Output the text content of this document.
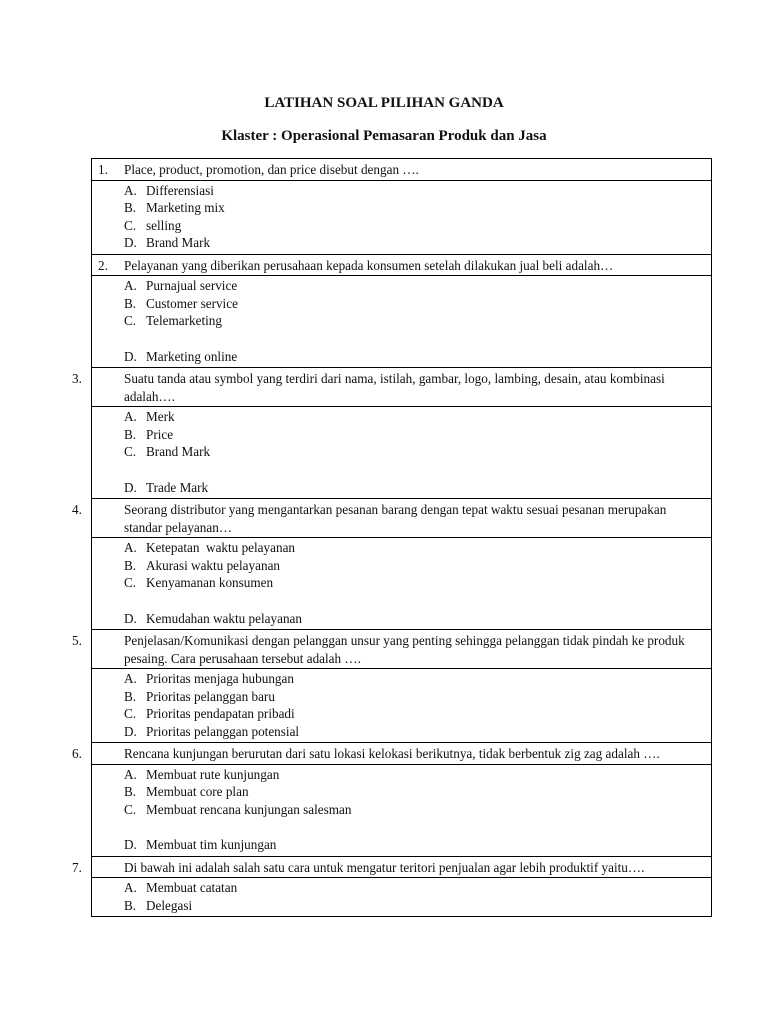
LATIHAN SOAL PILIHAN GANDA
Klaster : Operasional Pemasaran Produk dan Jasa
1. Place, product, promotion, dan price disebut dengan ….

A. Differensiasi
B. Marketing mix
C. selling
D. Brand Mark

2. Pelayanan yang diberikan perusahaan kepada konsumen setelah dilakukan jual beli adalah…

A. Purnajual service
B. Customer service
C. Telemarketing
D. Marketing online

3.	Suatu tanda atau symbol yang terdiri dari nama, istilah, gambar, logo, lambing, desain, atau kombinasi adalah….

A. Merk
B. Price
C. Brand Mark
D. Trade Mark

4.	Seorang distributor yang mengantarkan pesanan barang dengan tepat waktu sesuai pesanan merupakan standar pelayanan…

A. Ketepatan  waktu pelayanan
B. Akurasi waktu pelayanan
C. Kenyamanan konsumen
D. Kemudahan waktu pelayanan

5.	Penjelasan/Komunikasi dengan pelanggan unsur yang penting sehingga pelanggan tidak pindah ke produk pesaing. Cara perusahaan tersebut adalah ….

A. Prioritas menjaga hubungan
B. Prioritas pelanggan baru
C. Prioritas pendapatan pribadi
D. Prioritas pelanggan potensial

6.	Rencana kunjungan berurutan dari satu lokasi kelokasi berikutnya, tidak berbentuk zig zag adalah ….

A. Membuat rute kunjungan
B. Membuat core plan
C. Membuat rencana kunjungan salesman
D. Membuat tim kunjungan

7.	Di bawah ini adalah salah satu cara untuk mengatur teritori penjualan agar lebih produktif yaitu….

A. Membuat catatan
B. Delegasi
